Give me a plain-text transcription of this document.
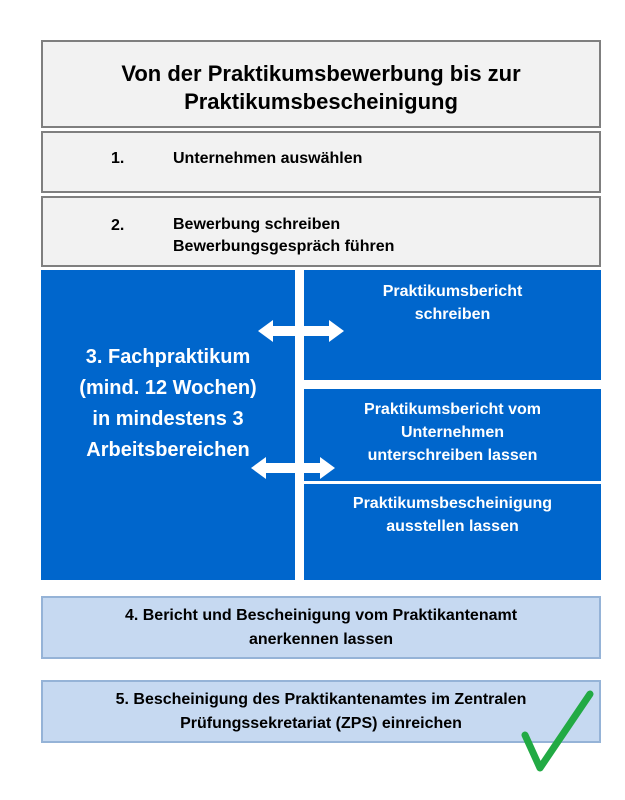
Von der Praktikumsbewerbung bis zur
Praktikumsbescheinigung
1.	Unternehmen auswählen
2.	Bewerbung schreiben
Bewerbungsgespräch führen
3. Fachpraktikum
(mind. 12 Wochen)
in mindestens 3
Arbeitsbereichen
Praktikumsbericht
schreiben
Praktikumsbericht vom
Unternehmen
unterschreiben lassen
Praktikumsbescheinigung
ausstellen lassen
4. Bericht und Bescheinigung vom Praktikantenamt
anerkennen lassen
5. Bescheinigung des Praktikantenamtes im Zentralen
Prüfungssekretariat (ZPS) einreichen
